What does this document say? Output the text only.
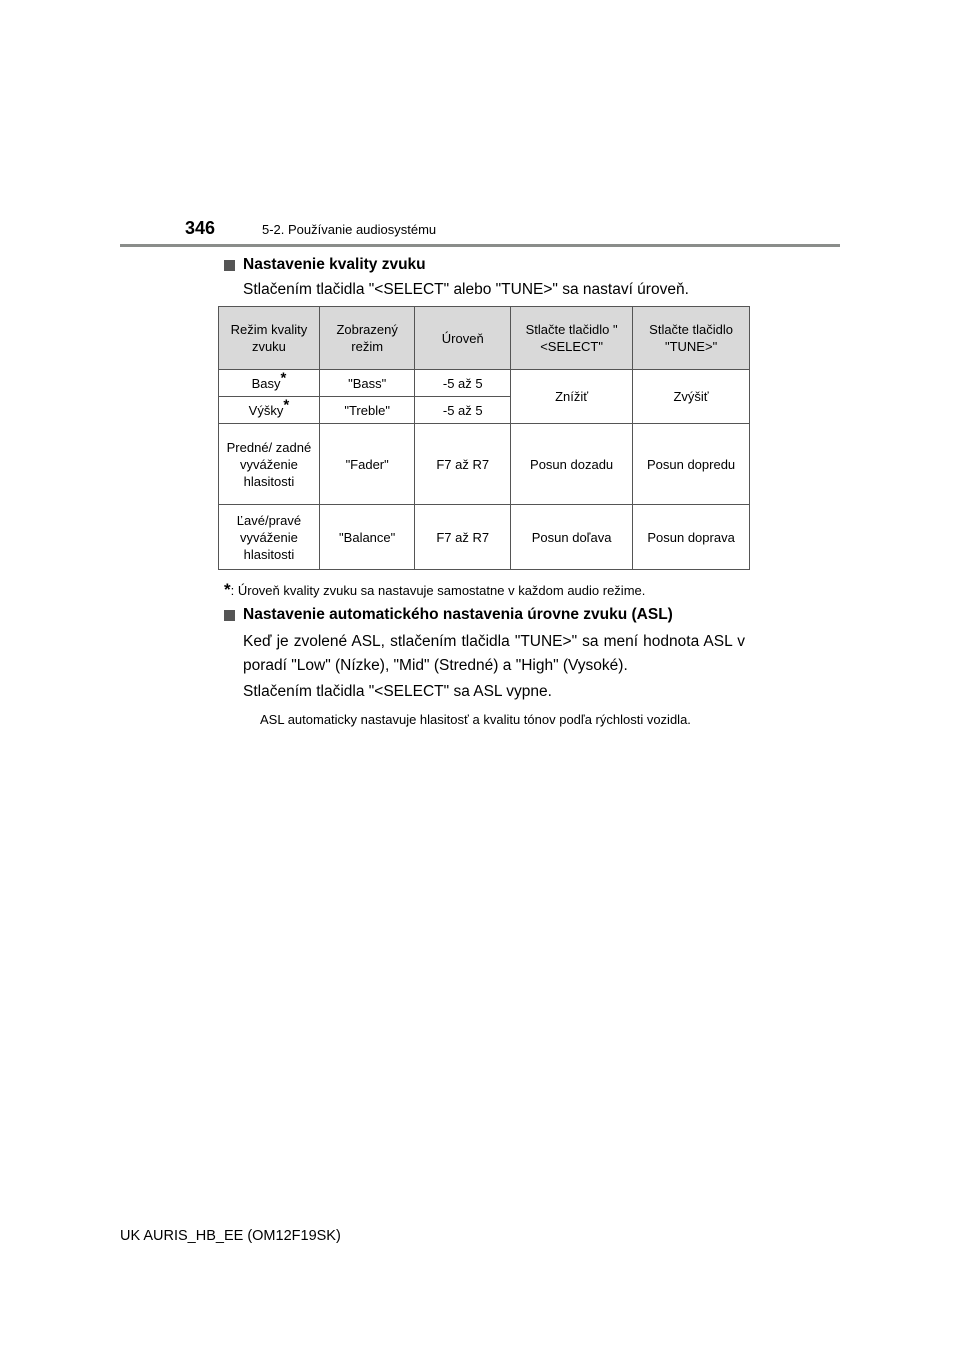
346	5-2. Používanie audiosystému
Nastavenie kvality zvuku
Stlačením tlačidla "<SELECT" alebo "TUNE>" sa nastaví úroveň.
Režim kvality zvuku	Zobrazený režim	Úroveň	Stlačte tlačidlo "<SELECT"	Stlačte tlačidlo "TUNE>"
Basy*	"Bass"	-5 až 5	Znížiť	Zvýšiť
Výšky*	"Treble"	-5 až 5		
Predné/ zadné vyváženie hlasitosti	"Fader"	F7 až R7	Posun dozadu	Posun dopredu
Ľavé/pravé vyváženie hlasitosti	"Balance"	F7 až R7	Posun doľava	Posun doprava
*: Úroveň kvality zvuku sa nastavuje samostatne v každom audio režime.
Nastavenie automatického nastavenia úrovne zvuku (ASL)
Keď je zvolené ASL, stlačením tlačidla "TUNE>" sa mení hodnota ASL v poradí "Low" (Nízke), "Mid" (Stredné) a "High" (Vysoké).
Stlačením tlačidla "<SELECT" sa ASL vypne.
ASL automaticky nastavuje hlasitosť a kvalitu tónov podľa rýchlosti vozidla.
UK AURIS_HB_EE (OM12F19SK)
